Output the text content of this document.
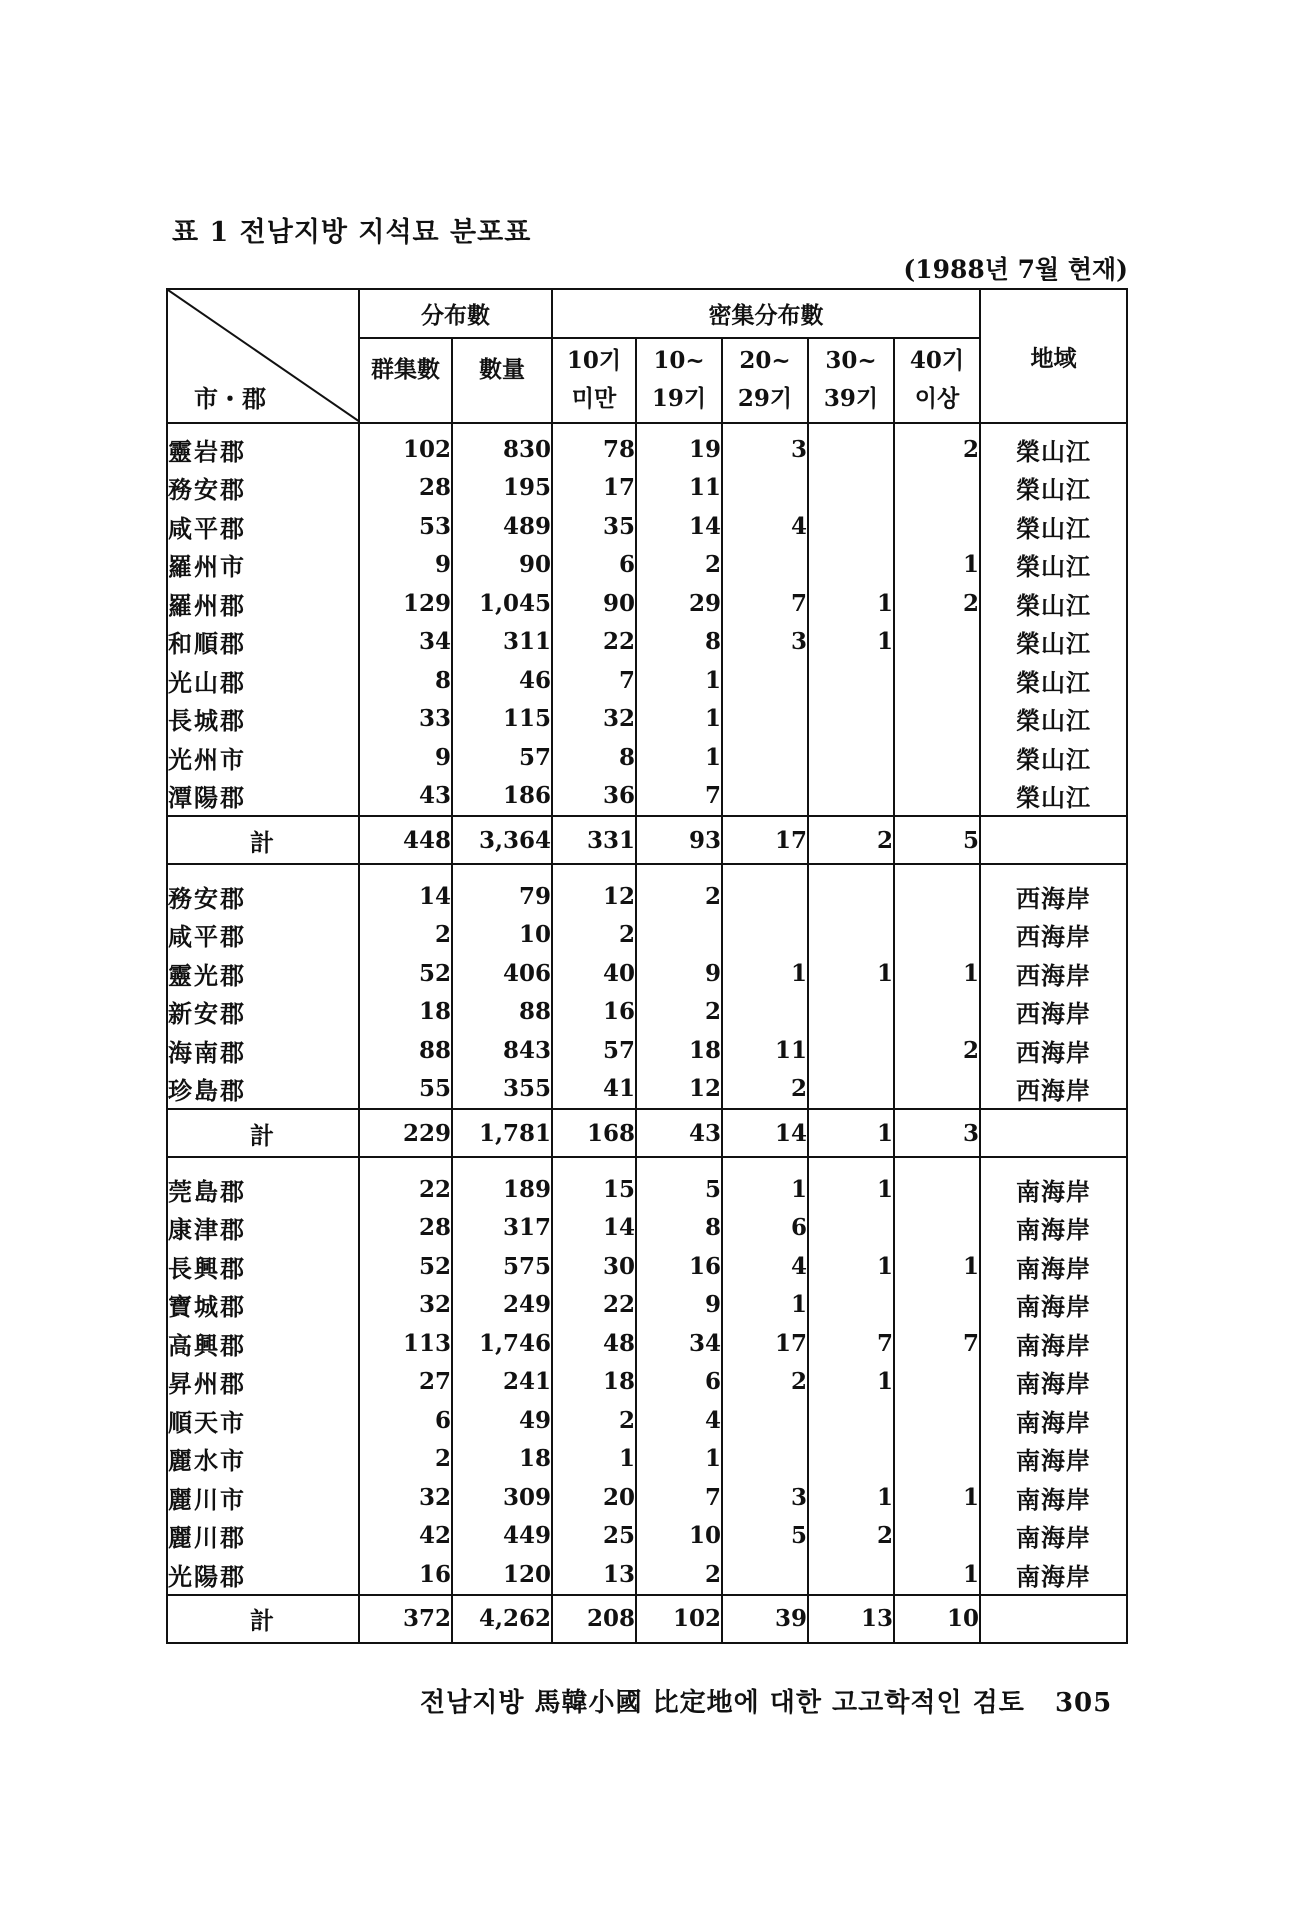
표 1 전남지방 지석묘 분포표
(1988년 7월 현재)
市・郡	分布數		密集分布數					地域
	群集數	數量	10기 미만	10~ 19기	20~ 29기	30~ 39기	40기 이상	
靈岩郡	102	830	78	19	3		2	榮山江
務安郡	28	195	17	11				榮山江
咸平郡	53	489	35	14	4			榮山江
羅州市	9	90	6	2			1	榮山江
羅州郡	129	1,045	90	29	7	1	2	榮山江
和順郡	34	311	22	8	3	1		榮山江
光山郡	8	46	7	1				榮山江
長城郡	33	115	32	1				榮山江
光州市	9	57	8	1				榮山江
潭陽郡	43	186	36	7				榮山江
計	448	3,364	331	93	17	2	5	

務安郡	14	79	12	2				西海岸
咸平郡	2	10	2					西海岸
靈光郡	52	406	40	9	1	1	1	西海岸
新安郡	18	88	16	2				西海岸
海南郡	88	843	57	18	11		2	西海岸
珍島郡	55	355	41	12	2			西海岸
計	229	1,781	168	43	14	1	3	

莞島郡	22	189	15	5	1	1		南海岸
康津郡	28	317	14	8	6			南海岸
長興郡	52	575	30	16	4	1	1	南海岸
寶城郡	32	249	22	9	1			南海岸
高興郡	113	1,746	48	34	17	7	7	南海岸
昇州郡	27	241	18	6	2	1		南海岸
順天市	6	49	2	4				南海岸
麗水市	2	18	1	1				南海岸
麗川市	32	309	20	7	3	1	1	南海岸
麗川郡	42	449	25	10	5	2		南海岸
光陽郡	16	120	13	2			1	南海岸
計	372	4,262	208	102	39	13	10	
전남지방 馬韓小國 比定地에 대한 고고학적인 검토 305
